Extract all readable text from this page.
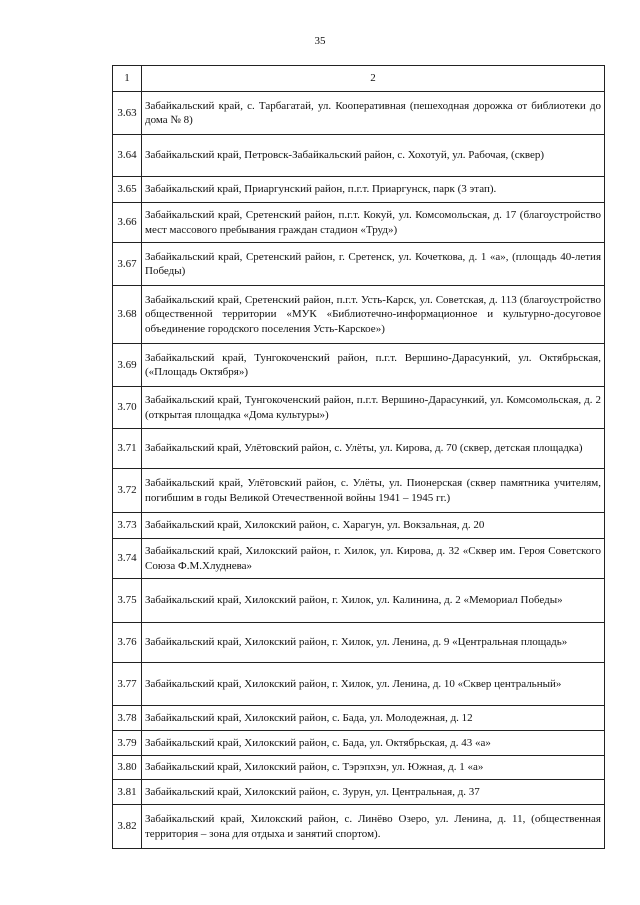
35
1	2
3.63	Забайкальский край, с. Тарбагатай, ул. Кооперативная (пешеходная дорожка от библиотеки до дома № 8)
3.64	Забайкальский край, Петровск-Забайкальский район, с. Хохотуй, ул. Рабочая, (сквер)
3.65	Забайкальский край, Приаргунский район, п.г.т. Приаргунск, парк (3 этап).
3.66	Забайкальский край, Сретенский район, п.г.т. Кокуй, ул. Комсомольская, д. 17 (благоустройство мест массового пребывания граждан стадион «Труд»)
3.67	Забайкальский край, Сретенский район, г. Сретенск, ул. Кочеткова, д. 1 «а», (площадь 40-летия Победы)
3.68	Забайкальский край, Сретенский район, п.г.т. Усть-Карск, ул. Советская, д. 113 (благоустройство общественной территории «МУК «Библиотечно-информационное и культурно-досуговое объединение городского поселения Усть-Карское»)
3.69	Забайкальский край, Тунгокоченский район, п.г.т. Вершино-Дарасункий, ул. Октябрьская, («Площадь Октября»)
3.70	Забайкальский край, Тунгокоченский район, п.г.т. Вершино-Дарасункий, ул. Комсомольская, д. 2 (открытая площадка «Дома культуры»)
3.71	Забайкальский край, Улётовский район, с. Улёты, ул. Кирова, д. 70 (сквер, детская площадка)
3.72	Забайкальский край, Улётовский район, с. Улёты, ул. Пионерская (сквер памятника учителям, погибшим в годы Великой Отечественной войны 1941 – 1945 гг.)
3.73	Забайкальский край, Хилокский район, с. Харагун, ул. Вокзальная, д. 20
3.74	Забайкальский край, Хилокский район, г. Хилок, ул. Кирова, д. 32 «Сквер им. Героя Советского Союза Ф.М.Хлуднева»
3.75	Забайкальский край, Хилокский район, г. Хилок, ул. Калинина, д. 2 «Мемориал Победы»
3.76	Забайкальский край, Хилокский район, г. Хилок, ул. Ленина, д. 9 «Центральная площадь»
3.77	Забайкальский край, Хилокский район, г. Хилок, ул. Ленина, д. 10 «Сквер центральный»
3.78	Забайкальский край, Хилокский район, с. Бада, ул. Молодежная, д. 12
3.79	Забайкальский край, Хилокский район, с. Бада, ул. Октябрьская, д. 43 «а»
3.80	Забайкальский край, Хилокский район, с. Тэрэпхэн, ул. Южная, д. 1 «а»
3.81	Забайкальский край, Хилокский район, с. Зурун, ул. Центральная, д. 37
3.82	Забайкальский край, Хилокский район, с. Линёво Озеро, ул. Ленина, д. 11, (общественная территория – зона для отдыха и занятий спортом).
